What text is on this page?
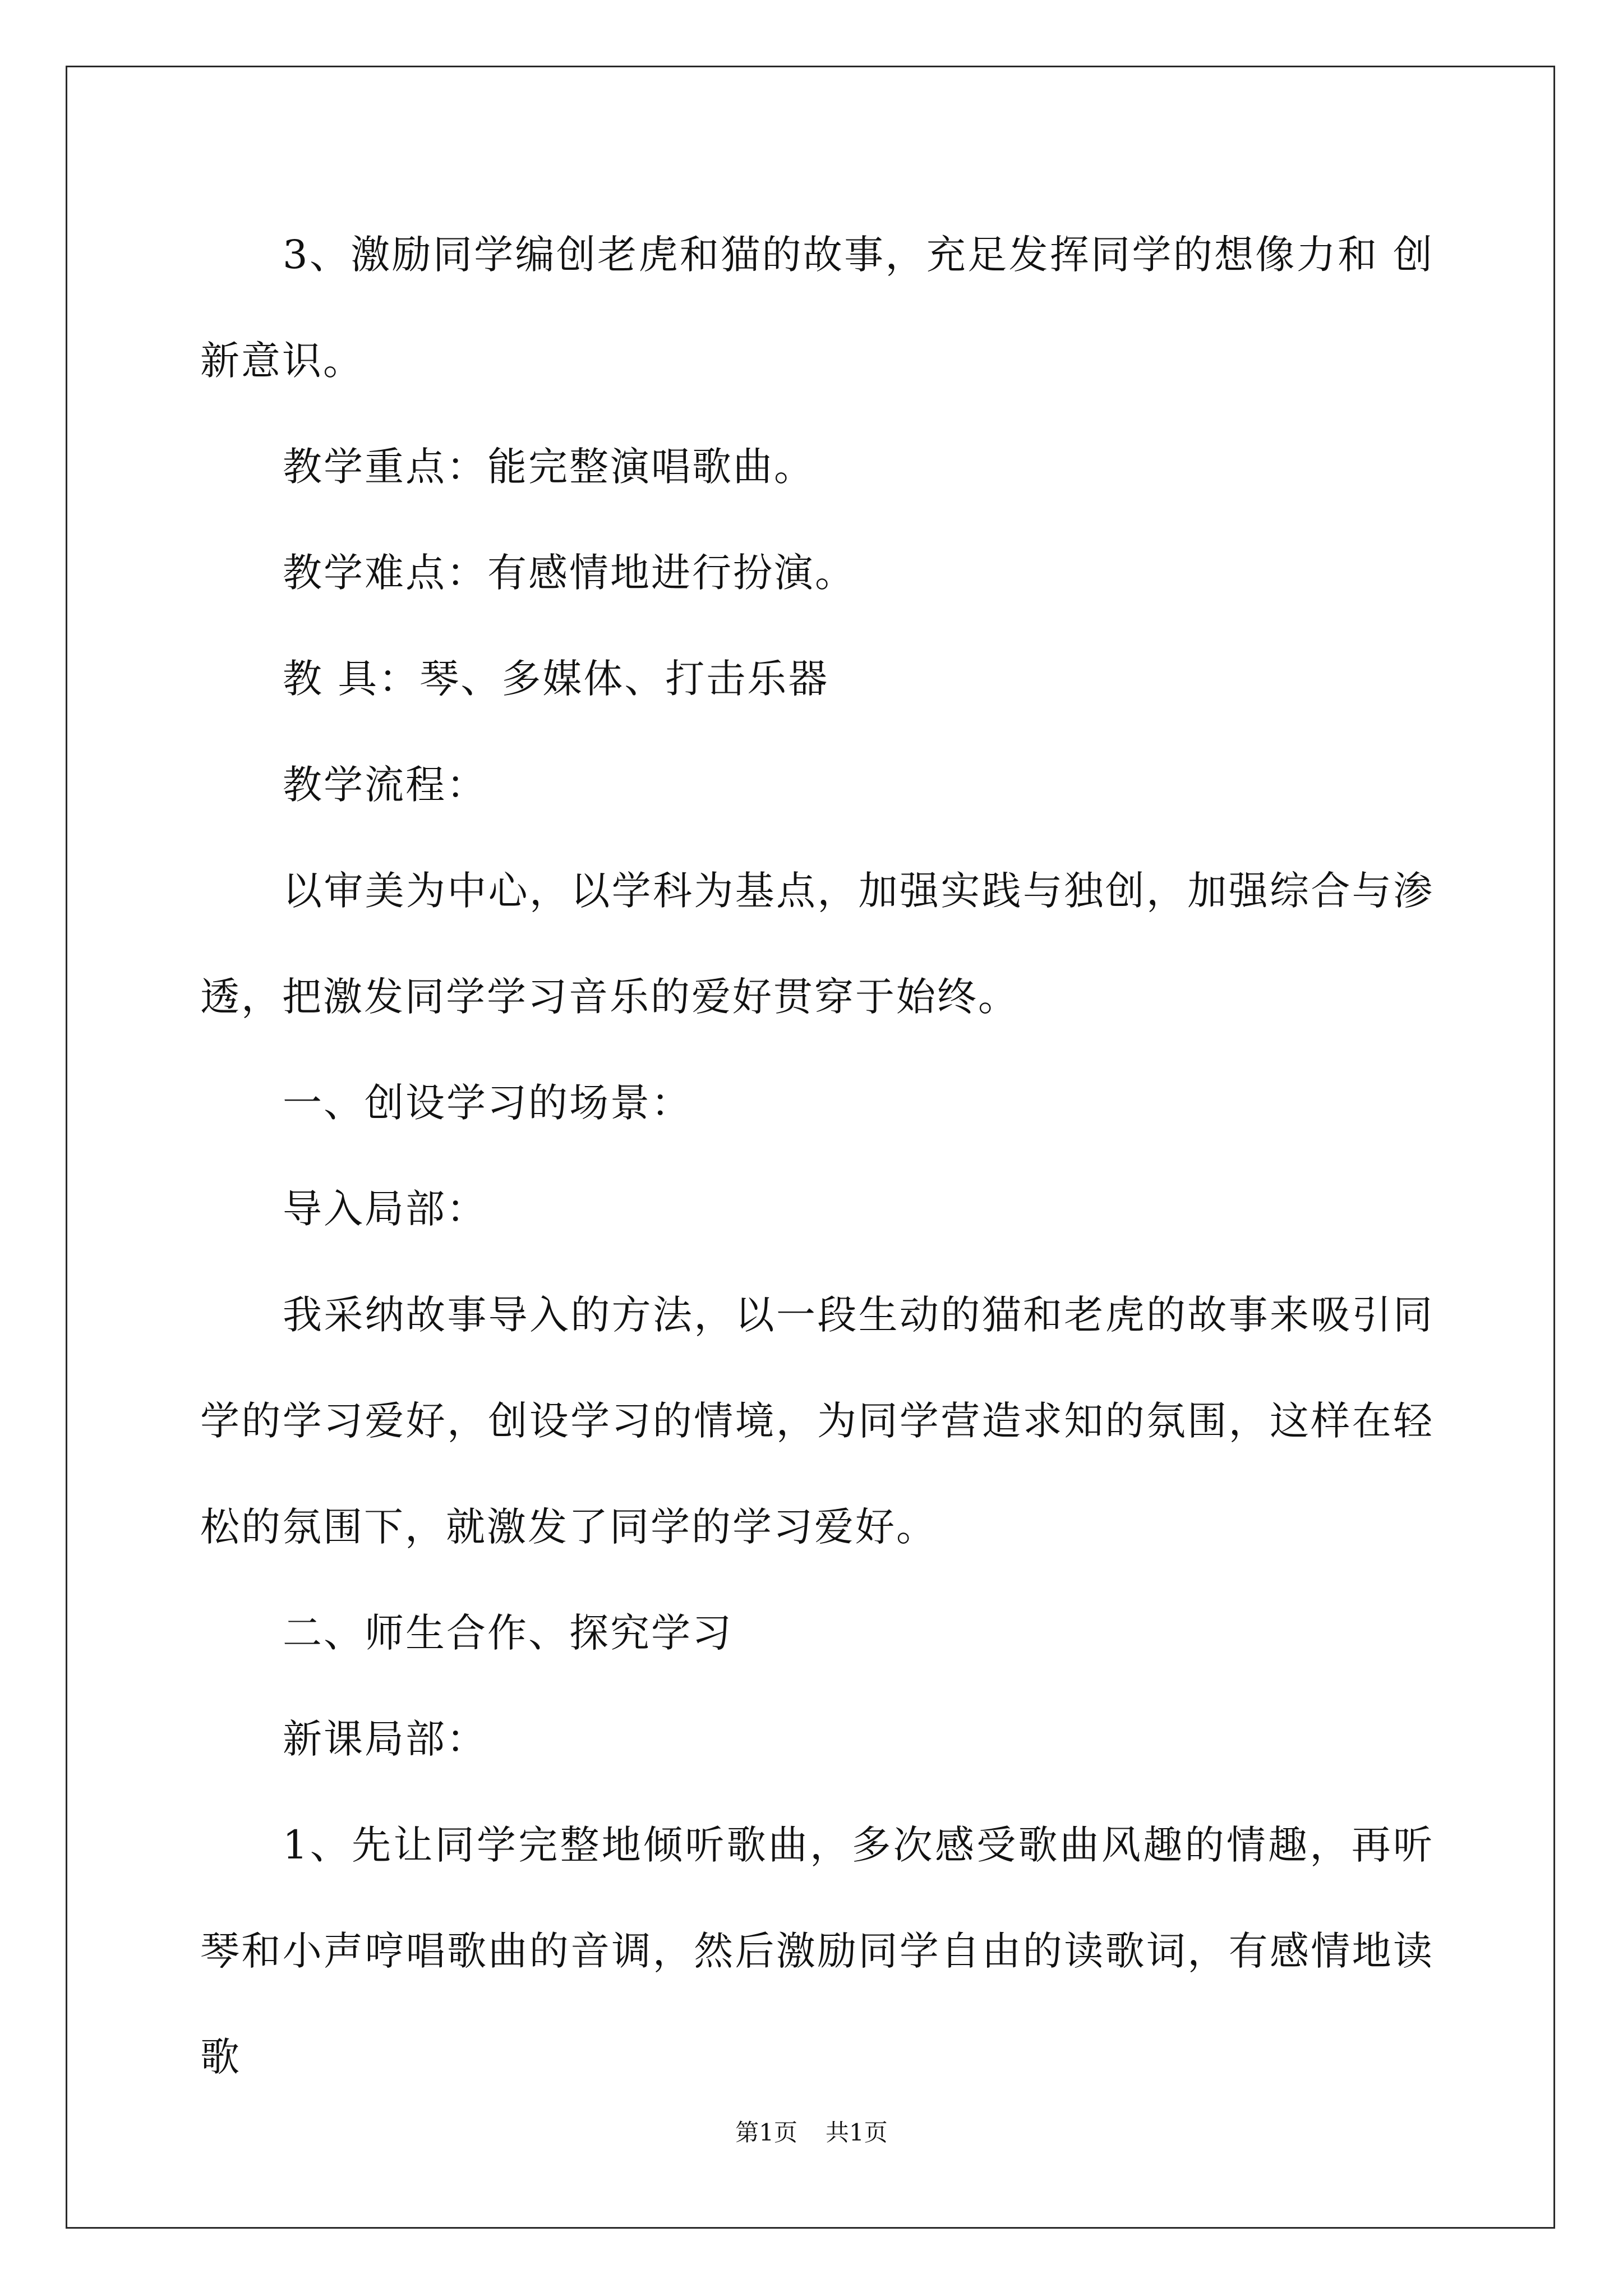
3、激励同学编创老虎和猫的故事，充足发挥同学的想像力和 创新意识。

教学重点：能完整演唱歌曲。

教学难点：有感情地进行扮演。

教 具：琴、多媒体、打击乐器

教学流程：

以审美为中心，以学科为基点，加强实践与独创，加强综合与渗透，把激发同学学习音乐的爱好贯穿于始终。

一、创设学习的场景：

导入局部：

我采纳故事导入的方法，以一段生动的猫和老虎的故事来吸引同学的学习爱好，创设学习的情境，为同学营造求知的氛围，这样在轻松的氛围下，就激发了同学的学习爱好。

二、师生合作、探究学习

新课局部：

1、先让同学完整地倾听歌曲，多次感受歌曲风趣的情趣，再听琴和小声哼唱歌曲的音调，然后激励同学自由的读歌词，有感情地读歌

第1页 共1页
